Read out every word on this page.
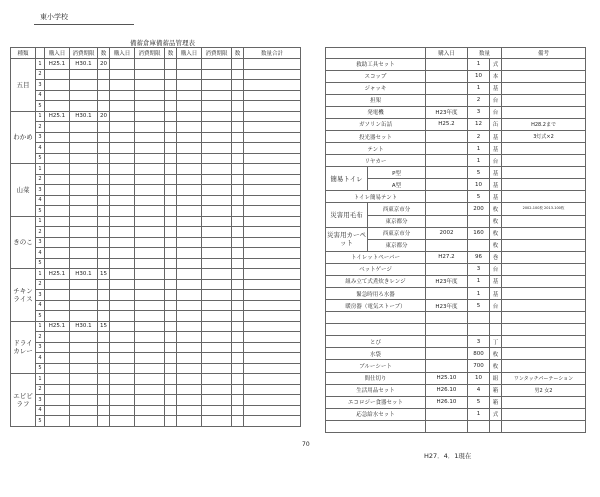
東小学校
備蓄倉庫備蓄品管理表
種類		購入日	消費期限	数	購入日	消費期限	数	購入日	消費期限	数	数量合計
五目	1	H25.1	H30.1	20							
	2										
	3										
	4										
	5										
わかめ	1	H25.1	H30.1	20							
	2										
	3										
	4										
	5										
山菜	1										
	2										
	3										
	4										
	5										
きのこ	1										
	2										
	3										
	4										
	5										
チキンライス	1	H25.1	H30.1	15							
	2										
	3										
	4										
	5										
ドライカレー	1	H25.1	H30.1	15							
	2										
	3										
	4										
	5										
エビピラフ	1										
	2										
	3										
	4										
	5										
		購入日	数量		備考
救助工具セット			1	式	
スコップ			10	本	
ジャッキ			1	基	
担架			2	台	
発電機		H23年度	3	台	
ガソリン缶詰		H25.2	12	缶	H28.2まで
投光器セット			2	基	3灯式×2
テント			1	基	
リヤカー			1	台	
簡易トイレ	P型		5	基	
	A型		10	基	
トイレ簡易テント			5	基	
災害用毛布	西東京市分		200	枚	2002-100枚 2013-100枚
	東京都分			枚	
災害用カーペット	西東京市分	2002	160	枚	
	東京都分			枚	
トイレットペーパー		H27.2	96	巻	
ベットゲージ			3	台	
組み立て式煮炊きレンジ		H23年度	1	基	
緊急時用ろ水器			1	基	
暖房器（電気ストーブ）		H23年度	5	台	

とび			3	丁	
水袋			800	枚	
ブルーシート			700	枚	
間仕切り		H25.10	10	組	ワンタッチパーテーション
生活用品セット		H26.10	4	箱	男2 女2
エコロジー食器セット		H26.10	5	箱	
応急給水セット			1	式	

70
H27．4．1現在
